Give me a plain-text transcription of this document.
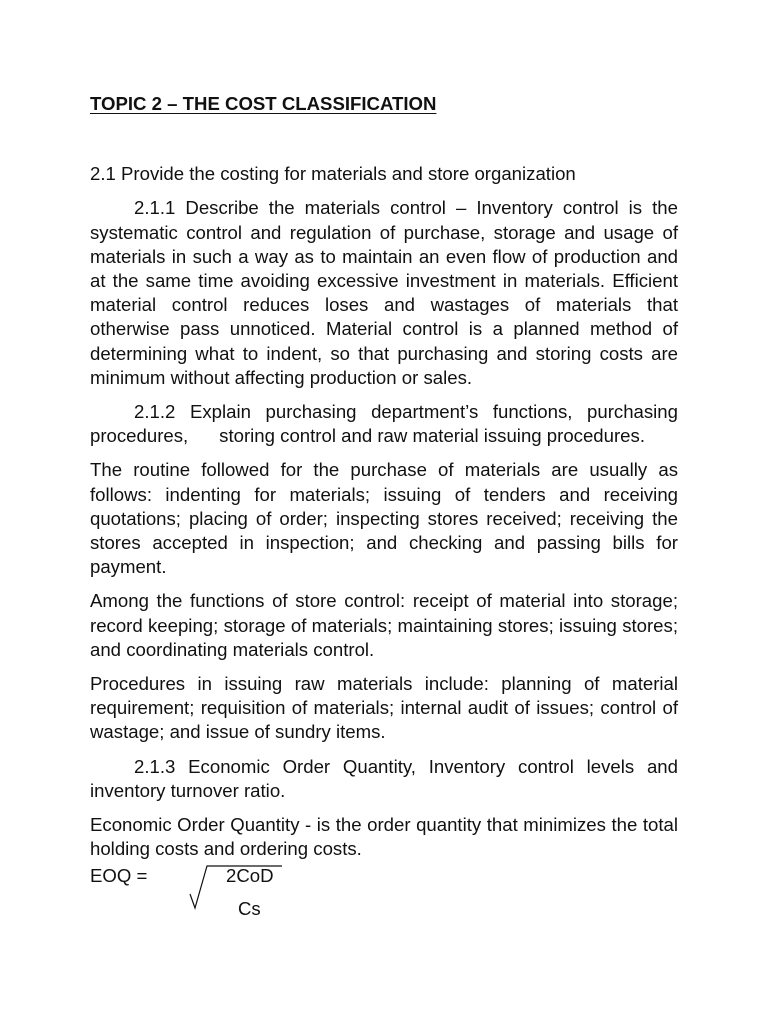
TOPIC 2 – THE COST CLASSIFICATION

2.1 Provide the costing for materials and store organization

2.1.1 Describe the materials control – Inventory control is the systematic control and regulation of purchase, storage and usage of materials in such a way as to maintain an even flow of production and at the same time avoiding excessive investment in materials. Efficient material control reduces loses and wastages of materials that otherwise pass unnoticed. Material control is a planned method of determining what to indent, so that purchasing and storing costs are minimum without affecting production or sales.

2.1.2 Explain purchasing department’s functions, purchasing procedures,      storing control and raw material issuing procedures.

The routine followed for the purchase of materials are usually as follows: indenting for materials; issuing of tenders and receiving quotations; placing of order; inspecting stores received; receiving the stores accepted in inspection; and checking and passing bills for payment.

Among the functions of store control: receipt of material into storage; record keeping; storage of materials; maintaining stores; issuing stores; and coordinating materials control.

Procedures in issuing raw materials include: planning of material requirement; requisition of materials; internal audit of issues; control of wastage; and issue of sundry items.

2.1.3 Economic Order Quantity, Inventory control levels and inventory turnover ratio.

Economic Order Quantity - is the order quantity that minimizes the total holding costs and ordering costs.

EOQ =	2CoD
Cs
